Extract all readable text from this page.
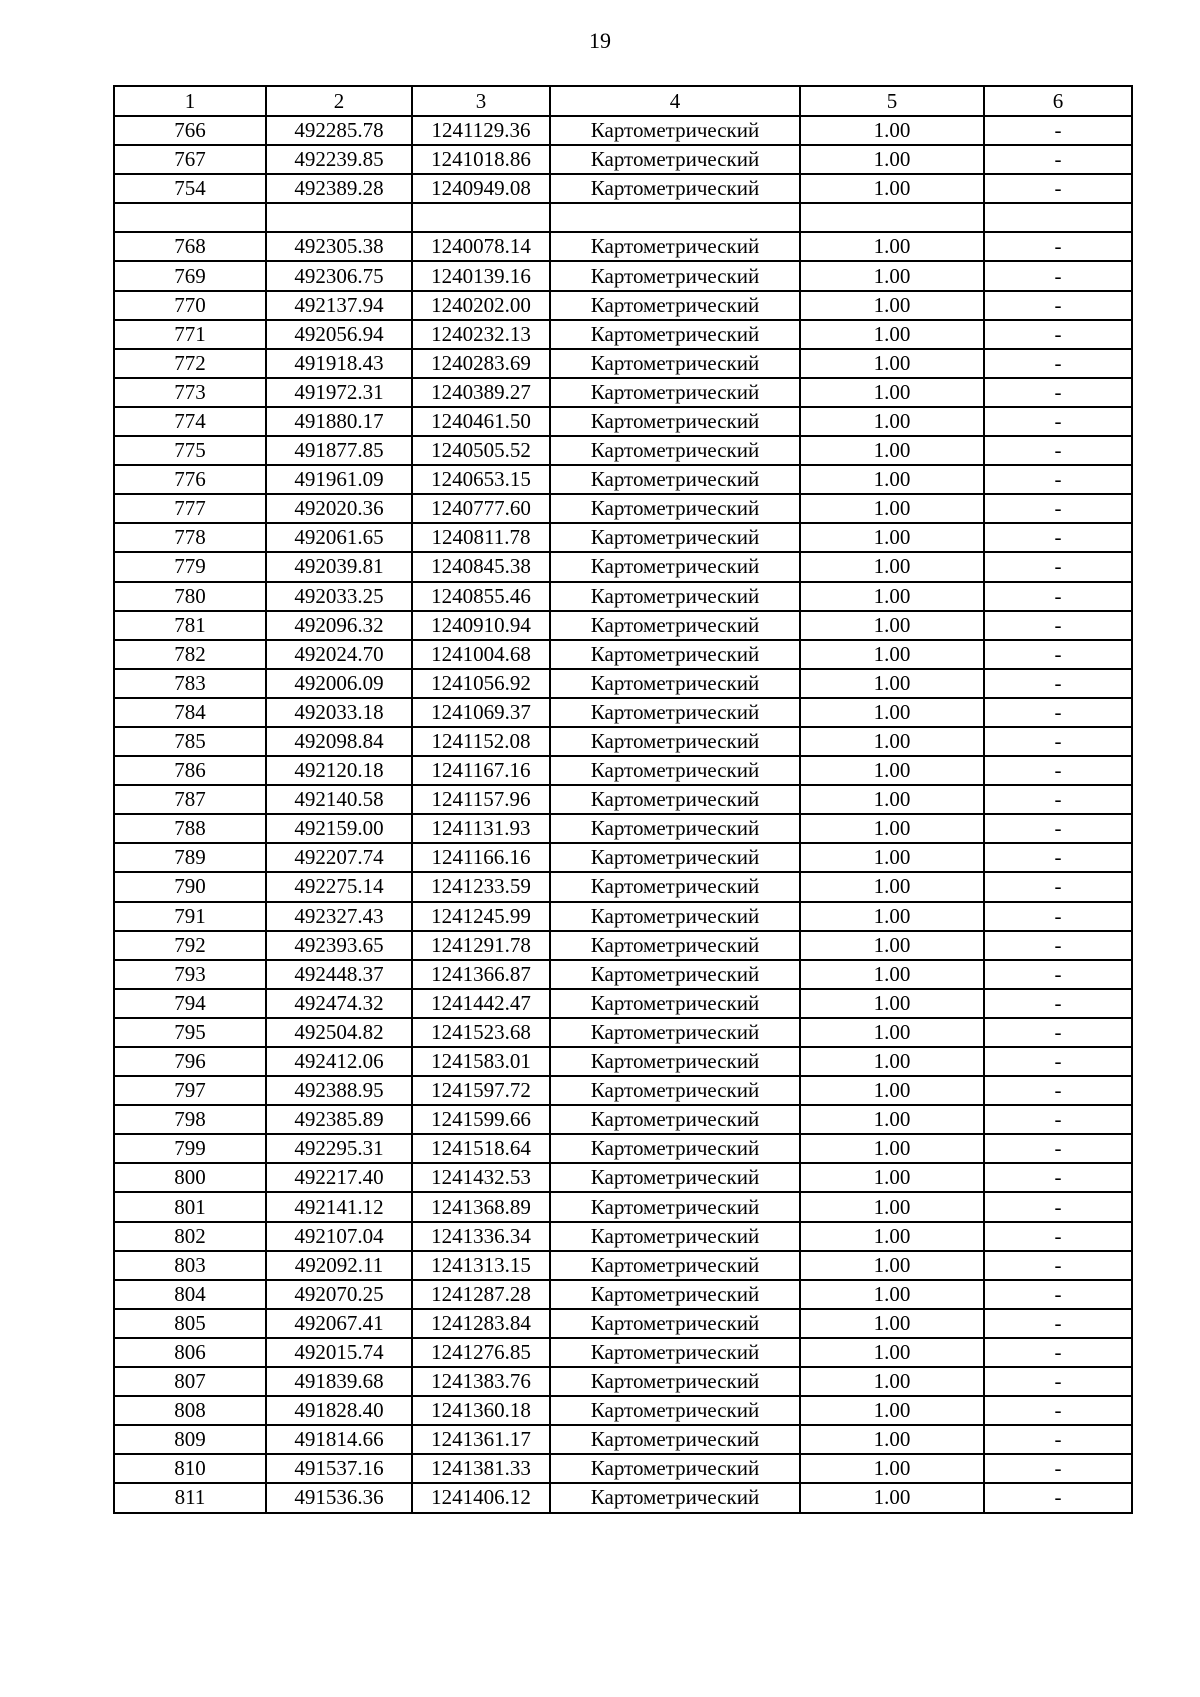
19
1	2	3	4	5	6
766	492285.78	1241129.36	Картометрический	1.00	-
767	492239.85	1241018.86	Картометрический	1.00	-
754	492389.28	1240949.08	Картометрический	1.00	-

768	492305.38	1240078.14	Картометрический	1.00	-
769	492306.75	1240139.16	Картометрический	1.00	-
770	492137.94	1240202.00	Картометрический	1.00	-
771	492056.94	1240232.13	Картометрический	1.00	-
772	491918.43	1240283.69	Картометрический	1.00	-
773	491972.31	1240389.27	Картометрический	1.00	-
774	491880.17	1240461.50	Картометрический	1.00	-
775	491877.85	1240505.52	Картометрический	1.00	-
776	491961.09	1240653.15	Картометрический	1.00	-
777	492020.36	1240777.60	Картометрический	1.00	-
778	492061.65	1240811.78	Картометрический	1.00	-
779	492039.81	1240845.38	Картометрический	1.00	-
780	492033.25	1240855.46	Картометрический	1.00	-
781	492096.32	1240910.94	Картометрический	1.00	-
782	492024.70	1241004.68	Картометрический	1.00	-
783	492006.09	1241056.92	Картометрический	1.00	-
784	492033.18	1241069.37	Картометрический	1.00	-
785	492098.84	1241152.08	Картометрический	1.00	-
786	492120.18	1241167.16	Картометрический	1.00	-
787	492140.58	1241157.96	Картометрический	1.00	-
788	492159.00	1241131.93	Картометрический	1.00	-
789	492207.74	1241166.16	Картометрический	1.00	-
790	492275.14	1241233.59	Картометрический	1.00	-
791	492327.43	1241245.99	Картометрический	1.00	-
792	492393.65	1241291.78	Картометрический	1.00	-
793	492448.37	1241366.87	Картометрический	1.00	-
794	492474.32	1241442.47	Картометрический	1.00	-
795	492504.82	1241523.68	Картометрический	1.00	-
796	492412.06	1241583.01	Картометрический	1.00	-
797	492388.95	1241597.72	Картометрический	1.00	-
798	492385.89	1241599.66	Картометрический	1.00	-
799	492295.31	1241518.64	Картометрический	1.00	-
800	492217.40	1241432.53	Картометрический	1.00	-
801	492141.12	1241368.89	Картометрический	1.00	-
802	492107.04	1241336.34	Картометрический	1.00	-
803	492092.11	1241313.15	Картометрический	1.00	-
804	492070.25	1241287.28	Картометрический	1.00	-
805	492067.41	1241283.84	Картометрический	1.00	-
806	492015.74	1241276.85	Картометрический	1.00	-
807	491839.68	1241383.76	Картометрический	1.00	-
808	491828.40	1241360.18	Картометрический	1.00	-
809	491814.66	1241361.17	Картометрический	1.00	-
810	491537.16	1241381.33	Картометрический	1.00	-
811	491536.36	1241406.12	Картометрический	1.00	-
